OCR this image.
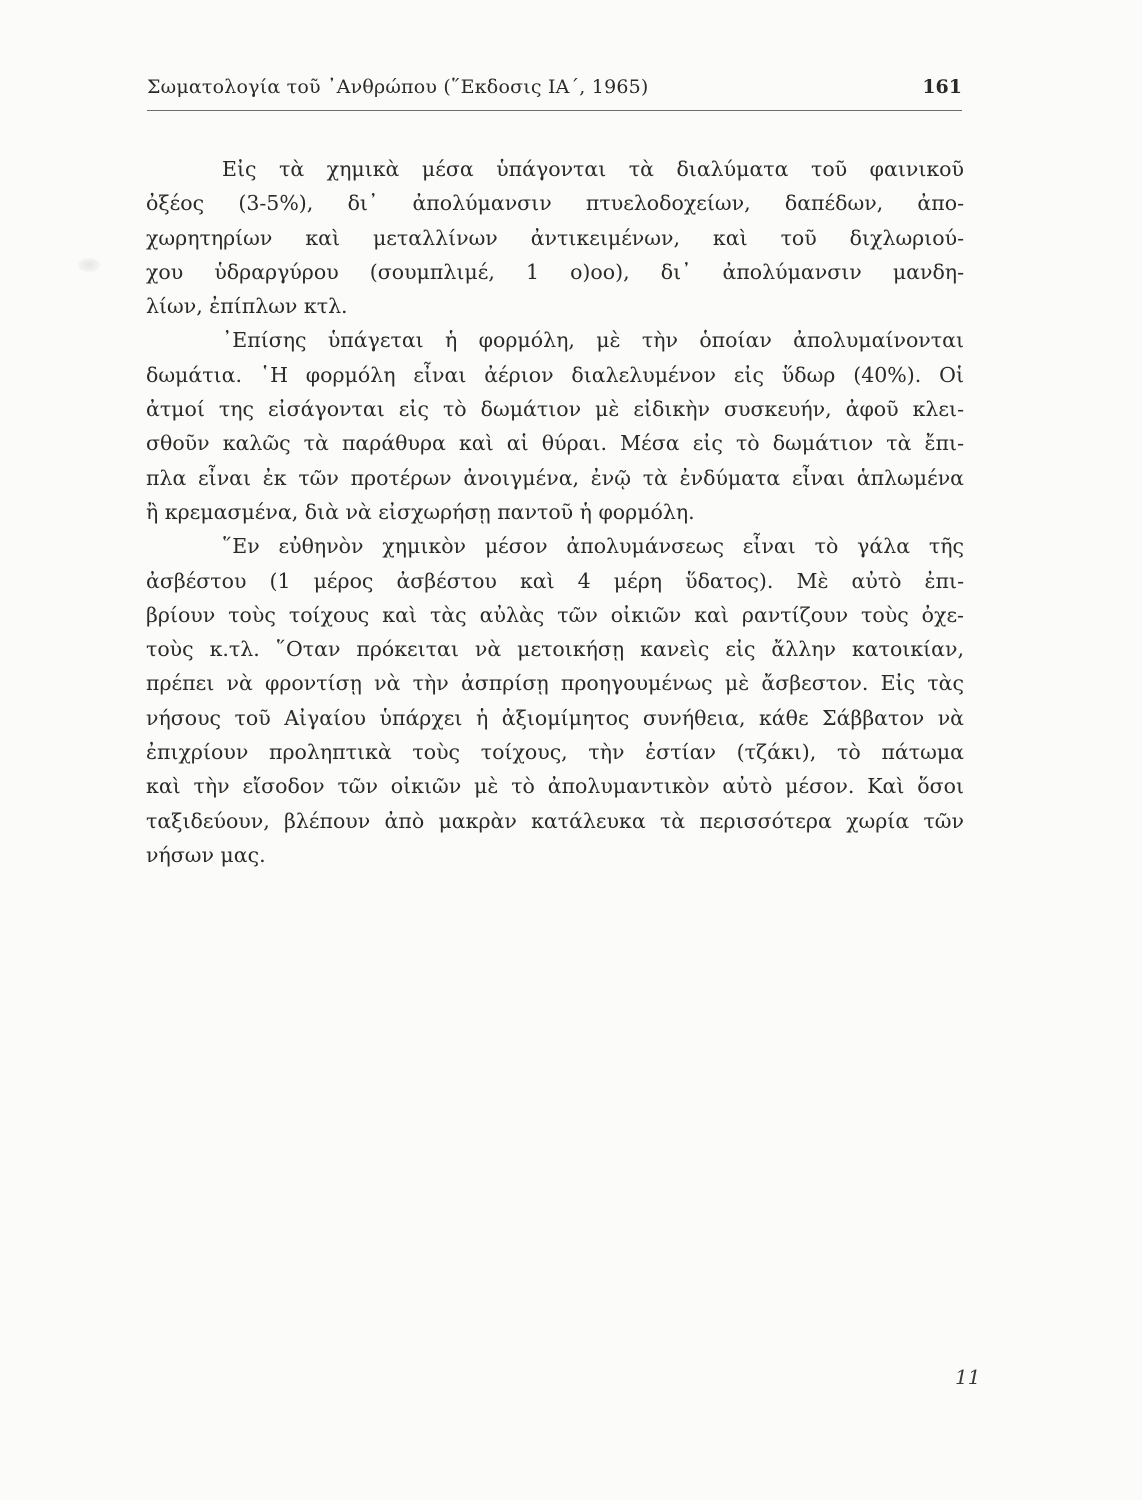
Σωματολογία τοῦ ᾿Ανθρώπου (῞Εκδοσις ΙΑ΄, 1965)	161
Εἰς τὰ χημικὰ μέσα ὑπάγονται τὰ διαλύματα τοῦ φαινικοῦ
ὀξέος (3-5%), δι᾿ ἀπολύμανσιν πτυελοδοχείων, δαπέδων, ἀπο-
χωρητηρίων καὶ μεταλλίνων ἀντικειμένων, καὶ τοῦ διχλωριού-
χου ὑδραργύρου (σουμπλιμέ, 1 ο)οο), δι᾿ ἀπολύμανσιν μανδη-
λίων, ἐπίπλων κτλ.
᾿Επίσης ὑπάγεται ἡ φορμόλη, μὲ τὴν ὁποίαν ἀπολυμαίνονται
δωμάτια. ῾Η φορμόλη εἶναι ἀέριον διαλελυμένον εἰς ὕδωρ (40%). Οἱ
ἀτμοί της εἰσάγονται εἰς τὸ δωμάτιον μὲ εἰδικὴν συσκευήν, ἀφοῦ κλει-
σθοῦν καλῶς τὰ παράθυρα καὶ αἱ θύραι. Μέσα εἰς τὸ δωμάτιον τὰ ἔπι-
πλα εἶναι ἐκ τῶν προτέρων ἀνοιγμένα, ἐνῷ τὰ ἐνδύματα εἶναι ἁπλωμένα
ἢ κρεμασμένα, διὰ νὰ εἰσχωρήσῃ παντοῦ ἡ φορμόλη.
῞Εν εὐθηνὸν χημικὸν μέσον ἀπολυμάνσεως εἶναι τὸ γάλα τῆς
ἀσβέστου (1 μέρος ἀσβέστου καὶ 4 μέρη ὕδατος). Μὲ αὐτὸ ἐπι-
βρίουν τοὺς τοίχους καὶ τὰς αὐλὰς τῶν οἰκιῶν καὶ ραντίζουν τοὺς ὀχε-
τοὺς κ.τλ. ῞Οταν πρόκειται νὰ μετοικήσῃ κανεὶς εἰς ἄλλην κατοικίαν,
πρέπει νὰ φροντίσῃ νὰ τὴν ἀσπρίσῃ προηγουμένως μὲ ἄσβεστον. Εἰς τὰς
νήσους τοῦ Αἰγαίου ὑπάρχει ἡ ἀξιομίμητος συνήθεια, κάθε Σάββατον νὰ
ἐπιχρίουν προληπτικὰ τοὺς τοίχους, τὴν ἑστίαν (τζάκι), τὸ πάτωμα
καὶ τὴν εἴσοδον τῶν οἰκιῶν μὲ τὸ ἀπολυμαντικὸν αὐτὸ μέσον. Καὶ ὅσοι
ταξιδεύουν, βλέπουν ἀπὸ μακρὰν κατάλευκα τὰ περισσότερα χωρία τῶν
νήσων μας.
11
